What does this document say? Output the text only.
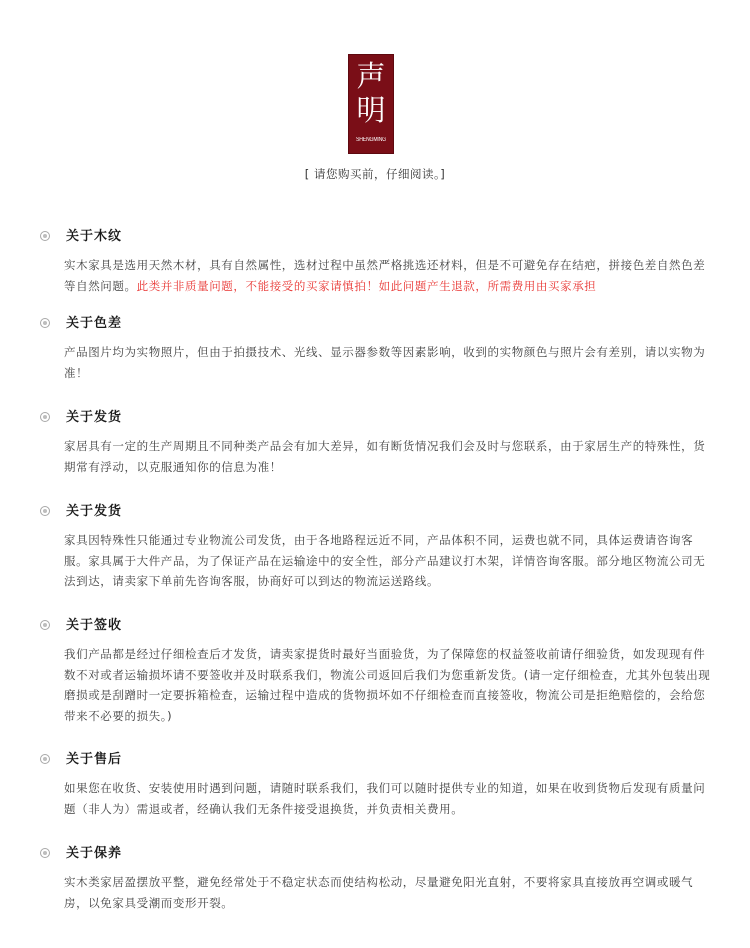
声
明
SHENGMING
[ 请您购买前，仔细阅读。]
关于木纹

实木家具是选用天然木材，具有自然属性，选材过程中虽然严格挑选还材料，但是不可避免存在结疤，拼接色差自然色差等自然问题。此类并非质量问题，不能接受的买家请慎拍！如此问题产生退款，所需费用由买家承担

关于色差

产品图片均为实物照片，但由于拍摄技术、光线、显示器参数等因素影响，收到的实物颜色与照片会有差别，请以实物为准！

关于发货

家居具有一定的生产周期且不同种类产品会有加大差异，如有断货情况我们会及时与您联系，由于家居生产的特殊性，货期常有浮动，以克服通知你的信息为准！

关于发货

家具因特殊性只能通过专业物流公司发货，由于各地路程远近不同，产品体积不同，运费也就不同，具体运费请咨询客服。家具属于大件产品，为了保证产品在运输途中的安全性，部分产品建议打木架，详情咨询客服。部分地区物流公司无法到达，请卖家下单前先咨询客服，协商好可以到达的物流运送路线。

关于签收

我们产品都是经过仔细检查后才发货，请卖家提货时最好当面验货，为了保障您的权益签收前请仔细验货，如发现现有件数不对或者运输损坏请不要签收并及时联系我们，物流公司返回后我们为您重新发货。(请一定仔细检查，尤其外包装出现磨损或是刮蹭时一定要拆箱检查，运输过程中造成的货物损坏如不仔细检查而直接签收，物流公司是拒绝赔偿的，会给您带来不必要的损失。)

关于售后

如果您在收货、安装使用时遇到问题，请随时联系我们，我们可以随时提供专业的知道，如果在收到货物后发现有质量问题（非人为）需退或者，经确认我们无条件接受退换货，并负责相关费用。

关于保养

实木类家居盈摆放平整，避免经常处于不稳定状态而使结构松动，尽量避免阳光直射，不要将家具直接放再空调或暖气房，以免家具受潮而变形开裂。
